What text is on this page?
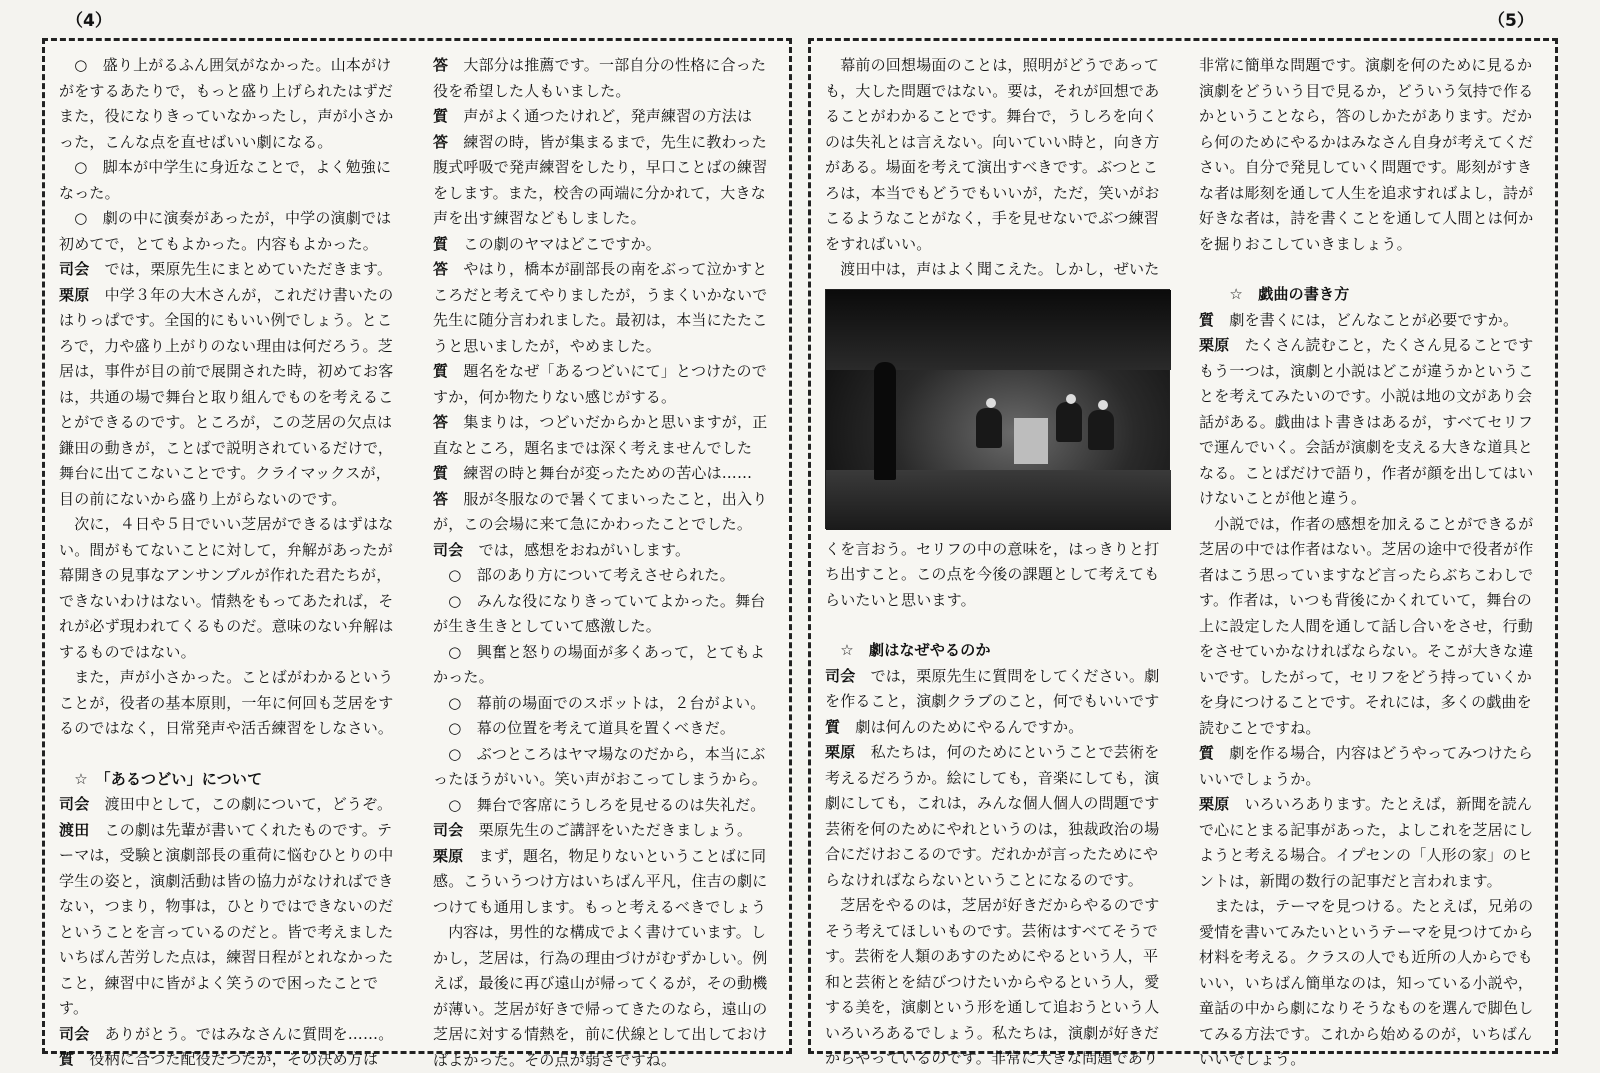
（4）	（5）

　○　盛り上がるふん囲気がなかった。山本がけがをするあたりで，もっと盛り上げられたはずだまた，役になりきっていなかったし，声が小さかった，こんな点を直せばいい劇になる。

　○　脚本が中学生に身近なことで，よく勉強になった。

　○　劇の中に演奏があったが，中学の演劇では初めてで，とてもよかった。内容もよかった。

司会　では，栗原先生にまとめていただきます。

栗原　中学３年の大木さんが，これだけ書いたのはりっぱです。全国的にもいい例でしょう。ところで，力や盛り上がりのない理由は何だろう。芝居は，事件が目の前で展開された時，初めてお客は，共通の場で舞台と取り組んでものを考えることができるのです。ところが，この芝居の欠点は鎌田の動きが，ことばで説明されているだけで，舞台に出てこないことです。クライマックスが，目の前にないから盛り上がらないのです。

　次に，４日や５日でいい芝居ができるはずはない。間がもてないことに対して，弁解があったが幕開きの見事なアンサンブルが作れた君たちが，できないわけはない。情熱をもってあたれば，それが必ず現われてくるものだ。意味のない弁解はするものではない。

　また，声が小さかった。ことばがわかるということが，役者の基本原則，一年に何回も芝居をするのではなく，日常発声や活舌練習をしなさい。

　☆　「あるつどい」について

司会　渡田中として，この劇について，どうぞ。

渡田　この劇は先輩が書いてくれたものです。テーマは，受験と演劇部長の重荷に悩むひとりの中学生の姿と，演劇活動は皆の協力がなければできない，つまり，物事は，ひとりではできないのだということを言っているのだと。皆で考えました　いちばん苦労した点は，練習日程がとれなかったこと，練習中に皆がよく笑うので困ったことです。

司会　ありがとう。ではみなさんに質問を……。

質　役柄に合つた配役だつたが，その決め方は

答　大部分は推薦です。一部自分の性格に合った役を希望した人もいました。

質　声がよく通つたけれど，発声練習の方法は

答　練習の時，皆が集まるまで，先生に教わった腹式呼吸で発声練習をしたり，早口ことばの練習をします。また，校舎の両端に分かれて，大きな声を出す練習などもしました。

質　この劇のヤマはどこですか。

答　やはり，橋本が副部長の南をぶって泣かすところだと考えてやりましたが，うまくいかないで先生に随分言われました。最初は，本当にたたこうと思いましたが，やめました。

質　題名をなぜ「あるつどいにて」とつけたのですか，何か物たりない感じがする。

答　集まりは，つどいだからかと思いますが，正直なところ，題名までは深く考えませんでした

質　練習の時と舞台が変ったための苦心は……

答　服が冬服なので暑くてまいったこと，出入りが，この会場に来て急にかわったことでした。

司会　では，感想をおねがいします。

　○　部のあり方について考えさせられた。

　○　みんな役になりきっていてよかった。舞台が生き生きとしていて感激した。

　○　興奮と怒りの場面が多くあって，とてもよかった。

　○　幕前の場面でのスポットは，２台がよい。

　○　幕の位置を考えて道具を置くべきだ。

　○　ぶつところはヤマ場なのだから，本当にぶったほうがいい。笑い声がおこってしまうから。

　○　舞台で客席にうしろを見せるのは失礼だ。

司会　栗原先生のご講評をいただきましょう。

栗原　まず，題名，物足りないということばに同感。こういうつけ方はいちばん平凡，住吉の劇につけても通用します。もっと考えるべきでしょう

　内容は，男性的な構成でよく書けています。しかし，芝居は，行為の理由づけがむずかしい。例えば，最後に再び遠山が帰ってくるが，その動機が薄い。芝居が好きで帰ってきたのなら，遠山の芝居に対する情熱を，前に伏線として出しておけばよかった。その点が弱さですね。

　幕前の回想場面のことは，照明がどうであっても，大した問題ではない。要は，それが回想であることがわかることです。舞台で，うしろを向くのは失礼とは言えない。向いていい時と，向き方がある。場面を考えて演出すべきです。ぶつところは，本当でもどうでもいいが，ただ，笑いがおこるようなことがなく，手を見せないでぶつ練習をすればいい。

　渡田中は，声はよく聞こえた。しかし，ぜいた

くを言おう。セリフの中の意味を，はっきりと打ち出すこと。この点を今後の課題として考えてもらいたいと思います。

　☆　劇はなぜやるのか

司会　では，栗原先生に質問をしてください。劇を作ること，演劇クラブのこと，何でもいいです

質　劇は何んのためにやるんですか。

栗原　私たちは，何のためにということで芸術を考えるだろうか。絵にしても，音楽にしても，演劇にしても，これは，みんな個人個人の問題です　芸術を何のためにやれというのは，独裁政治の場合にだけおこるのです。だれかが言ったためにやらなければならないということになるのです。

　芝居をやるのは，芝居が好きだからやるのですそう考えてほしいものです。芸術はすべてそうです。芸術を人類のあすのためにやるという人，平和と芸術とを結びつけたいからやるという人，愛する美を，演劇という形を通して追おうという人いろいろあるでしょう。私たちは，演劇が好きだからやっているのです。非常に大きな問題であり

非常に簡単な問題です。演劇を何のために見るか演劇をどういう目で見るか，どういう気持で作るかということなら，答のしかたがあります。だから何のためにやるかはみなさん自身が考えてください。自分で発見していく問題です。彫刻がすきな者は彫刻を通して人生を追求すればよし，詩が好きな者は，詩を書くことを通して人間とは何かを掘りおこしていきましょう。

　　☆　戯曲の書き方

質　劇を書くには，どんなことが必要ですか。

栗原　たくさん読むこと，たくさん見ることですもう一つは，演劇と小説はどこが違うかということを考えてみたいのです。小説は地の文があり会話がある。戯曲はト書きはあるが，すべてセリフで運んでいく。会話が演劇を支える大きな道具となる。ことばだけで語り，作者が顔を出してはいけないことが他と違う。

　小説では，作者の感想を加えることができるが芝居の中では作者はない。芝居の途中で役者が作者はこう思っていますなど言ったらぶちこわしです。作者は，いつも背後にかくれていて，舞台の上に設定した人間を通して話し合いをさせ，行動をさせていかなければならない。そこが大きな違いです。したがって，セリフをどう持っていくかを身につけることです。それには，多くの戯曲を読むことですね。

質　劇を作る場合，内容はどうやってみつけたらいいでしょうか。

栗原　いろいろあります。たとえば，新聞を読んで心にとまる記事があった，よしこれを芝居にしようと考える場合。イプセンの「人形の家」のヒントは，新聞の数行の記事だと言われます。

　または，テーマを見つける。たとえば，兄弟の愛情を書いてみたいというテーマを見つけてから材料を考える。クラスの人でも近所の人からでもいい，いちばん簡単なのは，知っている小説や，童話の中から劇になりそうなものを選んで脚色してみる方法です。これから始めるのが，いちばんいいでしょう。
